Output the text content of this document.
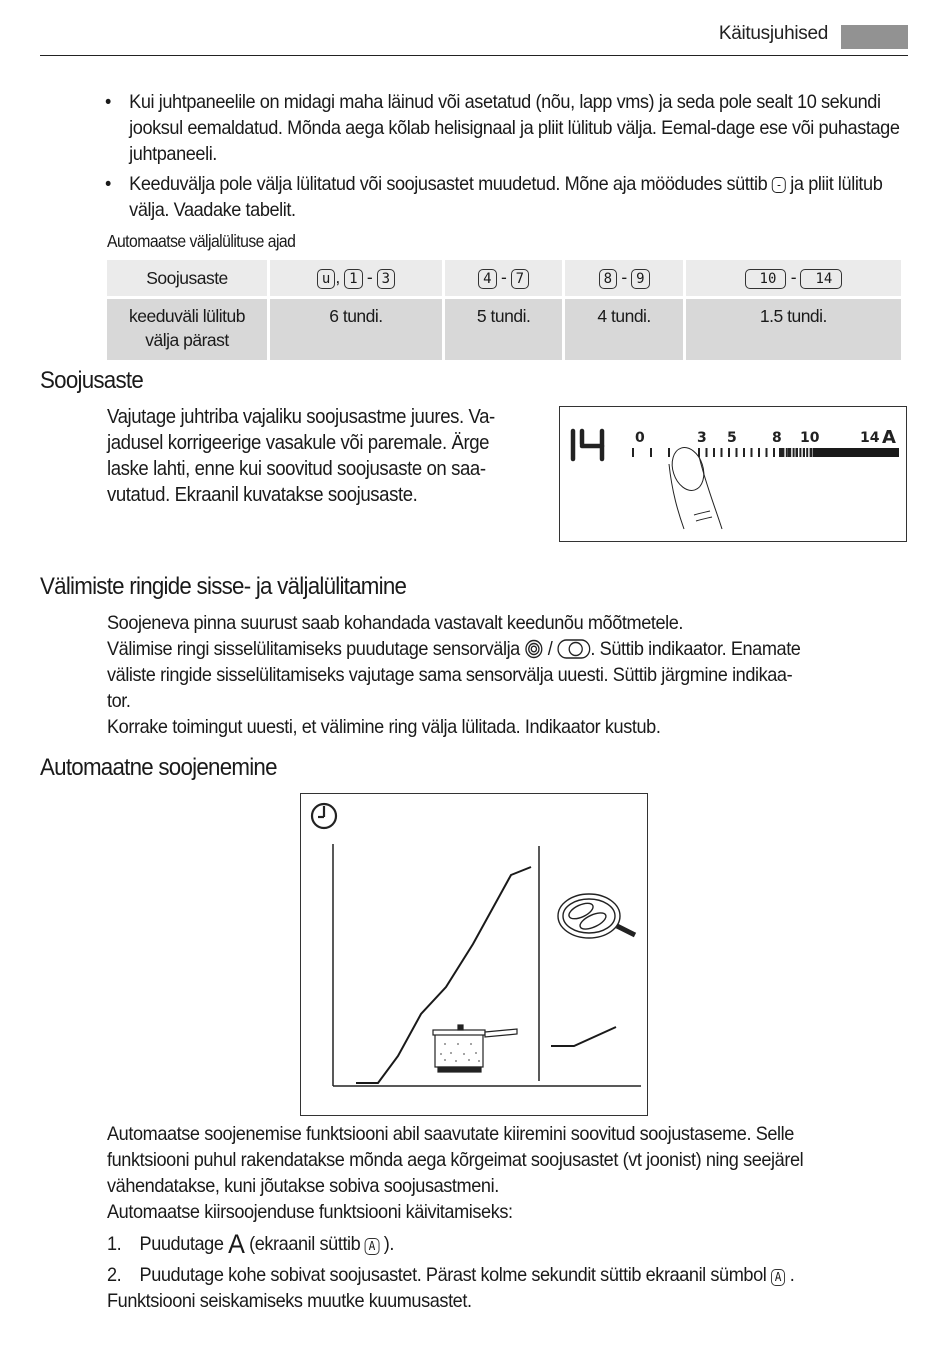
Käitusjuhised
• Kui juhtpaneelile on midagi maha läinud või asetatud (nõu, lapp vms) ja seda pole sealt 10 sekundi jooksul eemaldatud. Mõnda aega kõlab helisignaal ja pliit lülitub välja. Eemal-dage ese või puhastage juhtpaneeli.
• Keeduvälja pole välja lülitatud või soojusastet muudetud. Mõne aja möödudes süttib - ja pliit lülitub välja. Vaadake tabelit.
Automaatse väljalülituse ajad
Soojusaste	u , 1 - 3	4 - 7	8 - 9	10 - 14

keeduväli lülitub
välja pärast	6 tundi.	5 tundi.	4 tundi.	1.5 tundi.
Soojusaste
Vajutage juhtriba vajaliku soojusastme juures. Va-
jadusel korrigeerige vasakule või paremale. Ärge
laske lahti, enne kui soovitud soojusaste on saa-
vutatud. Ekraanil kuvatakse soojusaste.
0	3 5	8 10	14 A
Välimiste ringide sisse- ja väljalülitamine
Soojeneva pinna suurust saab kohandada vastavalt keedunõu mõõtmetele.
Välimise ringi sisselülitamiseks puudutage sensorvälja / . Süttib indikaator. Enamate
väliste ringide sisselülitamiseks vajutage sama sensorvälja uuesti. Süttib järgmine indikaa-
tor.
Korrake toimingut uuesti, et välimine ring välja lülitada. Indikaator kustub.
Automaatne soojenemine
Automaatse soojenemise funktsiooni abil saavutate kiiremini soovitud soojustaseme. Selle
funktsiooni puhul rakendatakse mõnda aega kõrgeimat soojusastet (vt joonist) ning seejärel
vähendatakse, kuni jõutakse sobiva soojusastmeni.
Automaatse kiirsoojenduse funktsiooni käivitamiseks:
1. Puudutage A (ekraanil süttib A ).
2. Puudutage kohe sobivat soojusastet. Pärast kolme sekundit süttib ekraanil sümbol A .
Funktsiooni seiskamiseks muutke kuumusastet.
